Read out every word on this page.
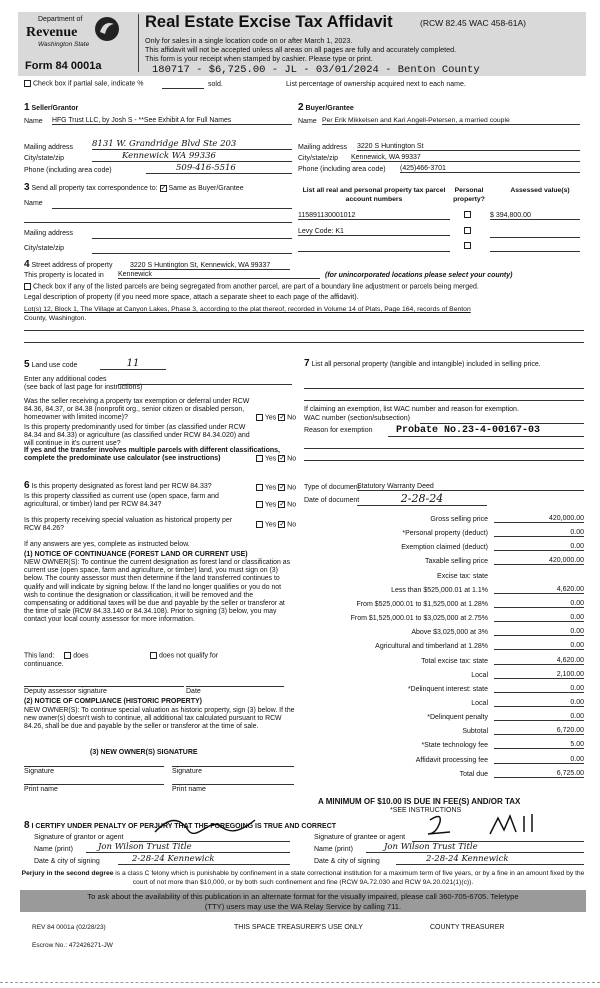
Department of
Revenue
Washington State
Form 84 0001a
Real Estate Excise Tax Affidavit	(RCW 82.45 WAC 458-61A)
Only for sales in a single location code on or after March 1, 2023.
This affidavit will not be accepted unless all areas on all pages are fully and accurately completed.
This form is your receipt when stamped by cashier. Please type or print.
180717 - $6,725.00 - JL - 03/01/2024 - Benton County
Check box if partial sale, indicate %	sold.	List percentage of ownership acquired next to each name.
1 Seller/Grantor
Name HFG Trust LLC, by Josh S - **See Exhibit A for Full Names
Mailing address 8131 W. Grandridge Blvd Ste 203
City/state/zip	Kennewick WA 99336
Phone (including area code)	509-416-5516
2 Buyer/Grantee
Name Per Erik Mikkelsen and Kari Angell-Petersen, a married couple
Mailing address 3220 S Huntington St
City/state/zip Kennewick, WA 99337
Phone (including area code) (425)466-3701
3 Send all property tax correspondence to: ✓ Same as Buyer/Grantee
Name
Mailing address
City/state/zip
List all real and personal property tax parcel account numbers
Personal property?
Assessed value(s)
115891130001012	$ 394,800.00
Levy Code: K1
4 Street address of property	3220 S Huntington St, Kennewick, WA 99337
This property is located in Kennewick	(for unincorporated locations please select your county)
Check box if any of the listed parcels are being segregated from another parcel, are part of a boundary line adjustment or parcels being merged.
Legal description of property (if you need more space, attach a separate sheet to each page of the affidavit).
Lot(s) 12, Block 1, The Village at Canyon Lakes, Phase 3, according to the plat thereof, recorded in Volume 14 of Plats, Page 164, records of Benton
County, Washington.
5 Land use code	11
Enter any additional codes
(see back of last page for instructions)
Was the seller receiving a property tax exemption or deferral under RCW 84.36, 84.37, or 84.38 (nonprofit org., senior citizen or disabled person, homeowner with limited income)?	Yes ✓ No
Is this property predominantly used for timber (as classified under RCW 84.34 and 84.33) or agriculture (as classified under RCW 84.34.020) and will continue in it's current use?
If yes and the transfer involves multiple parcels with different classifications, complete the predominate use calculator (see instructions)	Yes ✓ No
6 Is this property designated as forest land per RCW 84.33?	Yes ✓ No
Is this property classified as current use (open space, farm and agricultural, or timber) land per RCW 84.34?	Yes ✓ No
Is this property receiving special valuation as historical property per RCW 84.26?
Yes ✓ No
If any answers are yes, complete as instructed below.
(1) NOTICE OF CONTINUANCE (FOREST LAND OR CURRENT USE)
NEW OWNER(S): To continue the current designation as forest land or classification as current use (open space, farm and agriculture, or timber) land, you must sign on (3) below. The county assessor must then determine if the land transferred continues to qualify and will indicate by signing below. If the land no longer qualifies or you do not wish to continue the designation or classification, it will be removed and the compensating or additional taxes will be due and payable by the seller or transferor at the time of sale (RCW 84.33.140 or 84.34.108). Prior to signing (3) below, you may contact your local county assessor for more information.
This land:	does	does not qualify for
continuance.
Deputy assessor signature	Date
(2) NOTICE OF COMPLIANCE (HISTORIC PROPERTY)
NEW OWNER(S): To continue special valuation as historic property, sign (3) below. If the new owner(s) doesn't wish to continue, all additional tax calculated pursuant to RCW 84.26, shall be due and payable by the seller or transferor at the time of sale.
(3) NEW OWNER(S) SIGNATURE
Signature	Signature
Print name	Print name
7 List all personal property (tangible and intangible) included in selling price.
If claiming an exemption, list WAC number and reason for exemption.
WAC number (section/subsection)
Reason for exemption	Probate No.23-4-00167-03
Type of document
Statutory Warranty Deed
Date of document	2-28-24
Gross selling price	420,000.00
*Personal property (deduct)	0.00
Exemption claimed (deduct)	0.00
Taxable selling price	420,000.00
Excise tax: state
Less than $525,000.01 at 1.1%	4,620.00
From $525,000.01 to $1,525,000 at 1.28%	0.00
From $1,525,000.01 to $3,025,000 at 2.75%	0.00
Above $3,025,000 at 3%	0.00
Agricultural and timberland at 1.28%	0.00
Total excise tax: state	4,620.00
Local	2,100.00
*Delinquent interest: state	0.00
Local	0.00
*Delinquent penalty	0.00
Subtotal	6,720.00
*State technology fee	5.00
Affidavit processing fee	0.00
Total due	6,725.00
A MINIMUM OF $10.00 IS DUE IN FEE(S) AND/OR TAX
*SEE INSTRUCTIONS
8 I CERTIFY UNDER PENALTY OF PERJURY THAT THE FOREGOING IS TRUE AND CORRECT
Signature of grantor or agent	Signature of grantee or agent
Name (print)	Jon Wilson Trust Title	Name (print)	Jon Wilson Trust Title
Date & city of signing	2-28-24 Kennewick	Date & city of signing	2-28-24 Kennewick
Perjury in the second degree is a class C felony which is punishable by confinement in a state correctional institution for a maximum term of five years, or by a fine in an amount fixed by the court of not more than $10,000, or by both such confinement and fine (RCW 9A.72.030 and RCW 9A.20.021(1)(c)).
To ask about the availability of this publication in an alternate format for the visually impaired, please call 360-705-6705. Teletype
(TTY) users may use the WA Relay Service by calling 711.
REV 84 0001a (02/28/23)	THIS SPACE TREASURER'S USE ONLY	COUNTY TREASURER
Escrow No.: 472426271-JW
